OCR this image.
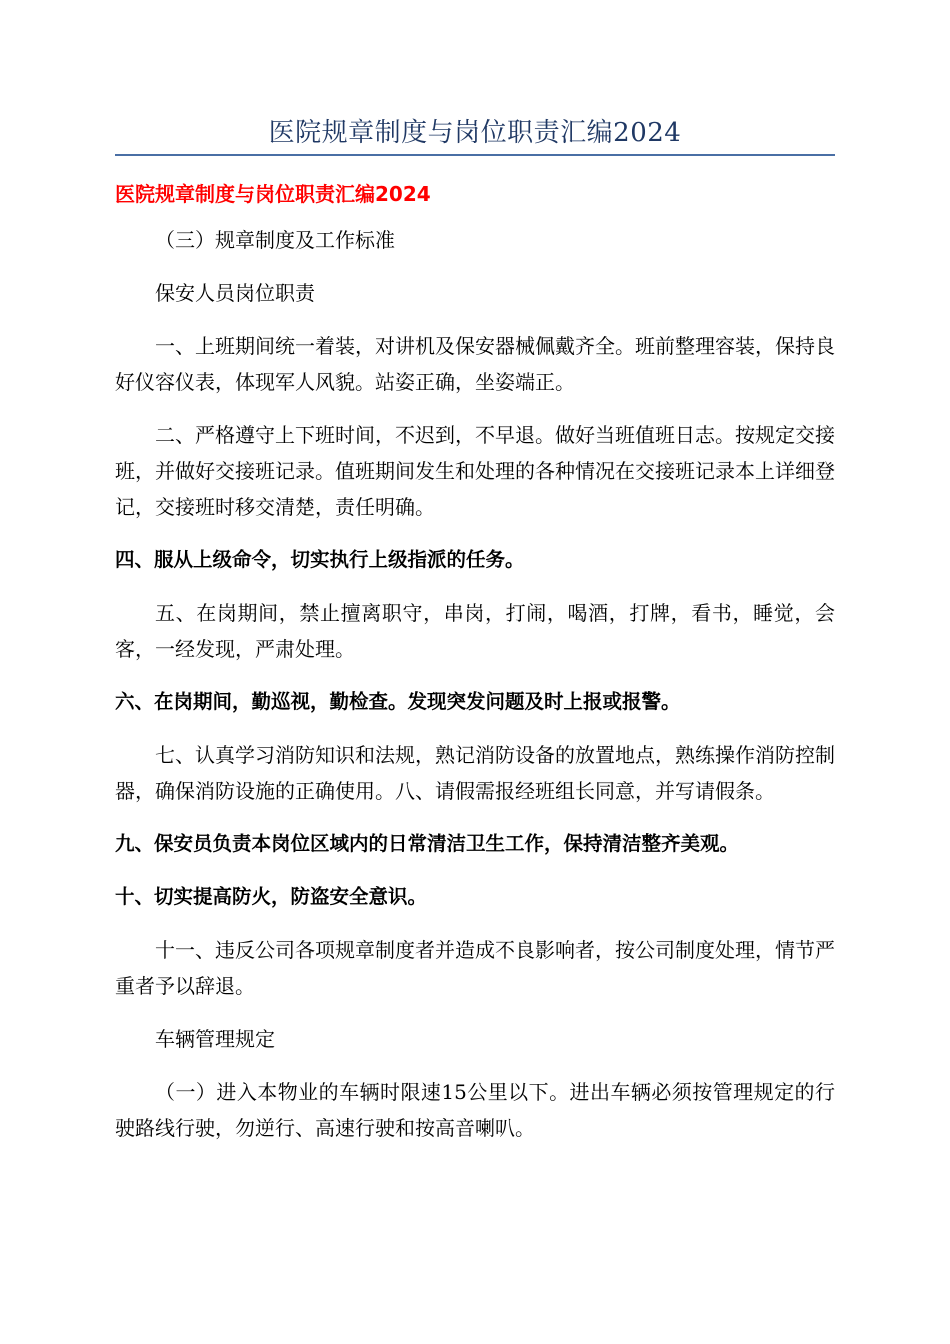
医院规章制度与岗位职责汇编2024
医院规章制度与岗位职责汇编2024

（三）规章制度及工作标准

保安人员岗位职责

一、上班期间统一着装，对讲机及保安器械佩戴齐全。班前整理容装，保持良好仪容仪表，体现军人风貌。站姿正确，坐姿端正。

二、严格遵守上下班时间，不迟到，不早退。做好当班值班日志。按规定交接班，并做好交接班记录。值班期间发生和处理的各种情况在交接班记录本上详细登记，交接班时移交清楚，责任明确。

四、服从上级命令，切实执行上级指派的任务。

五、在岗期间，禁止擅离职守，串岗，打闹，喝酒，打牌，看书，睡觉，会客，一经发现，严肃处理。

六、在岗期间，勤巡视，勤检查。发现突发问题及时上报或报警。

七、认真学习消防知识和法规，熟记消防设备的放置地点，熟练操作消防控制器，确保消防设施的正确使用。八、请假需报经班组长同意，并写请假条。

九、保安员负责本岗位区域内的日常清洁卫生工作，保持清洁整齐美观。

十、切实提高防火，防盗安全意识。

十一、违反公司各项规章制度者并造成不良影响者，按公司制度处理，情节严重者予以辞退。

车辆管理规定

（一）进入本物业的车辆时限速15公里以下。进出车辆必须按管理规定的行驶路线行驶，勿逆行、高速行驶和按高音喇叭。
